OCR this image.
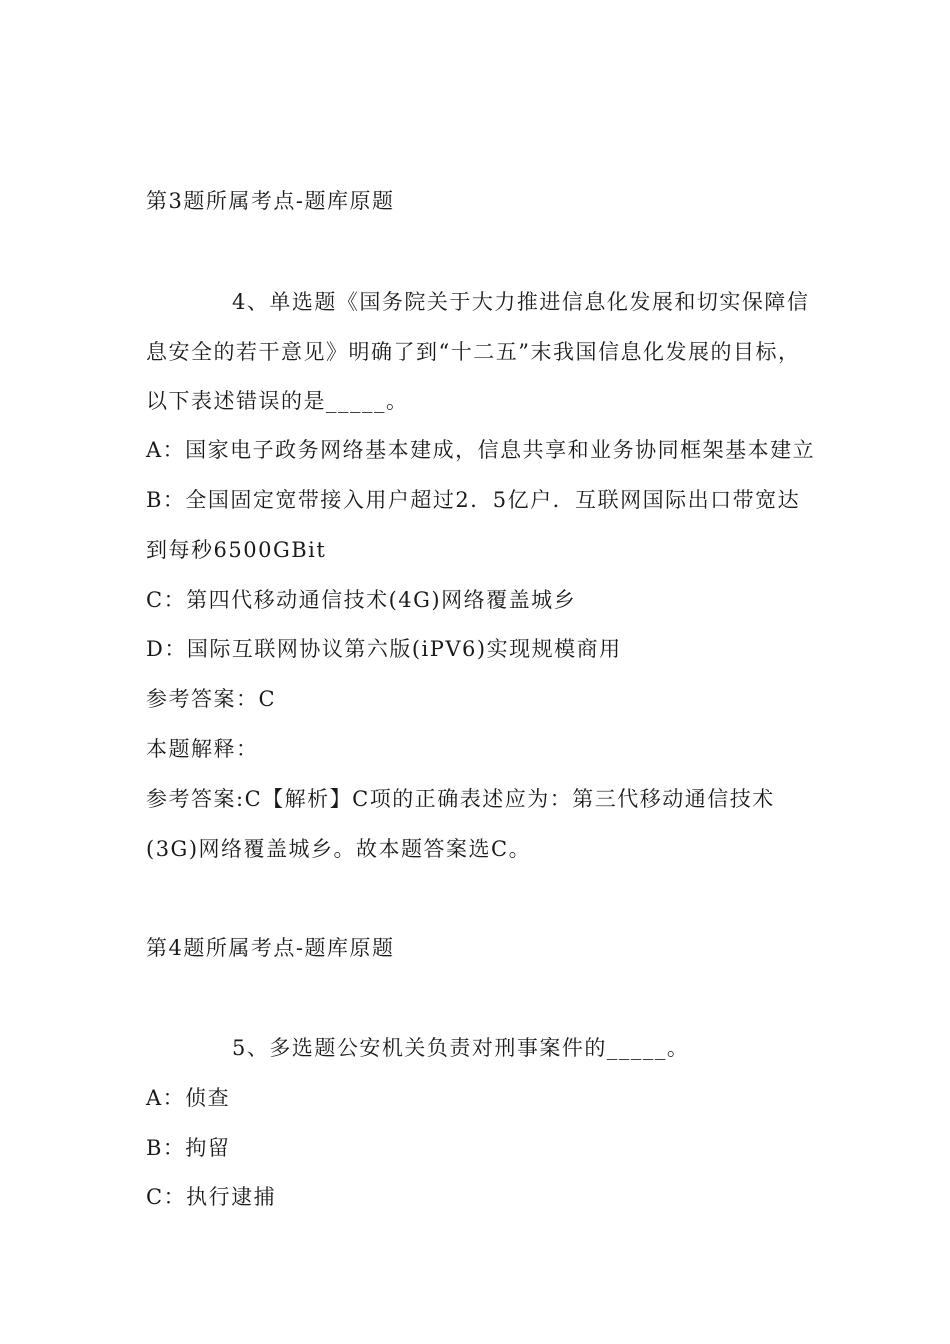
第3题所属考点-题库原题
4、单选题《国务院关于大力推进信息化发展和切实保障信
息安全的若干意见》明确了到“十二五”末我国信息化发展的目标，
以下表述错误的是_____。
A：国家电子政务网络基本建成，信息共享和业务协同框架基本建立
B：全国固定宽带接入用户超过2．5亿户．互联网国际出口带宽达
到每秒6500GBit
C：第四代移动通信技术(4G)网络覆盖城乡
D：国际互联网协议第六版(iPV6)实现规模商用
参考答案：C
本题解释：
参考答案:C【解析】C项的正确表述应为：第三代移动通信技术
(3G)网络覆盖城乡。故本题答案选C。
第4题所属考点-题库原题
5、多选题公安机关负责对刑事案件的_____。
A：侦查
B：拘留
C：执行逮捕
